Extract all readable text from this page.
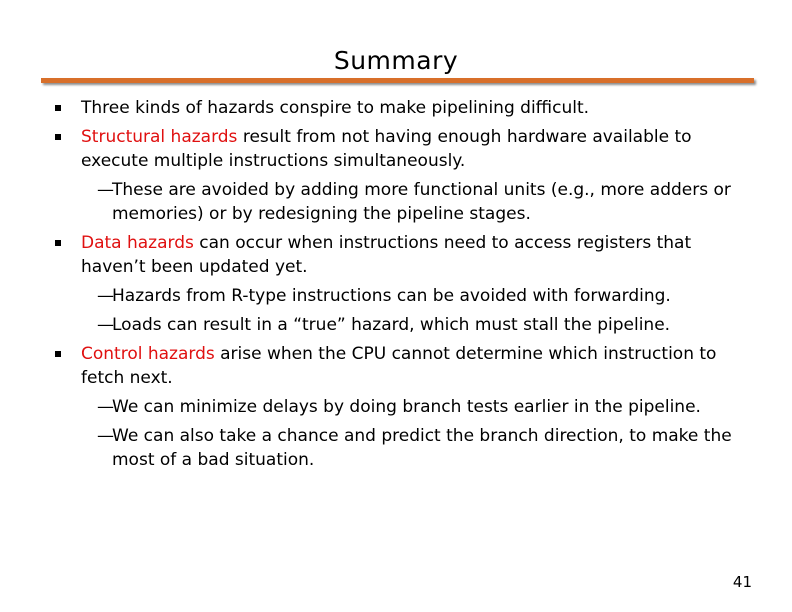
Summary
Three kinds of hazards conspire to make pipelining difficult.
Structural hazards result from not having enough hardware available to execute multiple instructions simultaneously.
—
These are avoided by adding more functional units (e.g., more adders or memories) or by redesigning the pipeline stages.
Data hazards can occur when instructions need to access registers that haven’t been updated yet.
—
Hazards from R-type instructions can be avoided with forwarding.
—
Loads can result in a “true” hazard, which must stall the pipeline.
Control hazards arise when the CPU cannot determine which instruction to fetch next.
—
We can minimize delays by doing branch tests earlier in the pipeline.
—
We can also take a chance and predict the branch direction, to make the most of a bad situation.
41
